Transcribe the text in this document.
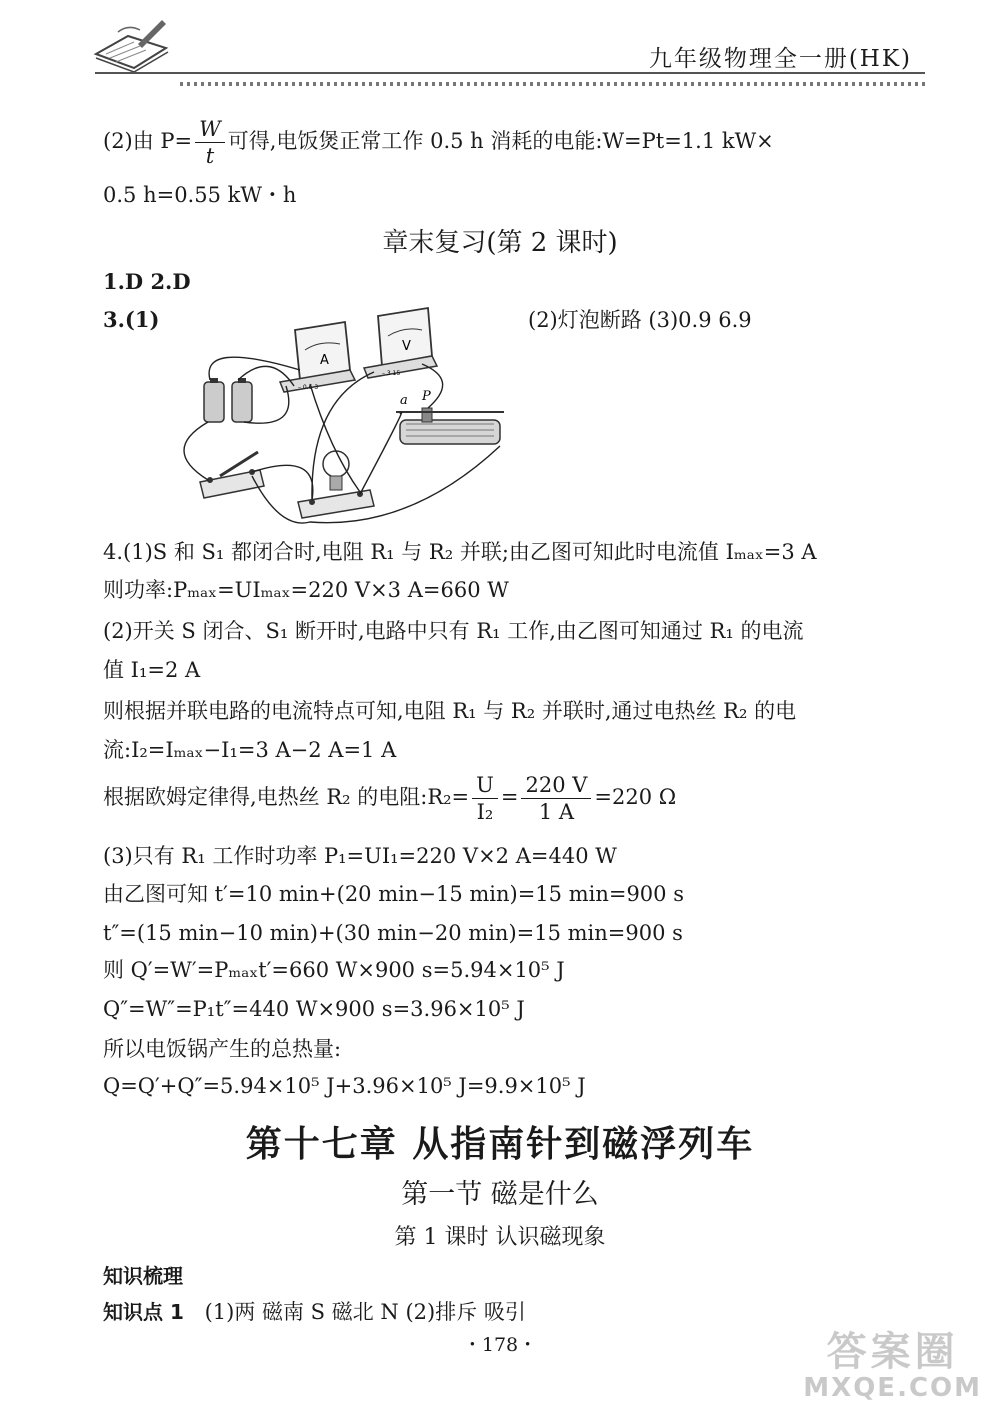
九年级物理全一册(HK)
(2)由 $P= \frac{W}{t}$ 可得,电饭煲正常工作 0.5 h 消耗的电能:W=Pt=1.1 kW×
0.5 h=0.55 kW・h
章末复习(第 2 课时)
1.D 2.D
3.(1)	(2)灯泡断路 (3)0.9 6.9
A
– 0.6 3
V
– 3 15
a P
4.(1)S 和 S₁ 都闭合时,电阻 R₁ 与 R₂ 并联;由乙图可知此时电流值 Iₘₐₓ=3 A
则功率:Pₘₐₓ=UIₘₐₓ=220 V×3 A=660 W
(2)开关 S 闭合、S₁ 断开时,电路中只有 R₁ 工作,由乙图可知通过 R₁ 的电流
值 I₁=2 A
则根据并联电路的电流特点可知,电阻 R₁ 与 R₂ 并联时,通过电热丝 R₂ 的电
流:I₂=Iₘₐₓ−I₁=3 A−2 A=1 A
根据欧姆定律得,电热丝 R₂ 的电阻:R₂= $\frac{U}{\text{I₂}} = \frac{220 V}{1 A} =220$ Ω
(3)只有 R₁ 工作时功率 P₁=UI₁=220 V×2 A=440 W
由乙图可知 t′=10 min+(20 min−15 min)=15 min=900 s
t″=(15 min−10 min)+(30 min−20 min)=15 min=900 s
则 Q′=W′=Pₘₐₓt′=660 W×900 s=5.94×10⁵ J
Q″=W″=P₁t″=440 W×900 s=3.96×10⁵ J
所以电饭锅产生的总热量:
Q=Q′+Q″=5.94×10⁵ J+3.96×10⁵ J=9.9×10⁵ J
第十七章 从指南针到磁浮列车
第一节 磁是什么
第 1 课时 认识磁现象
知识梳理
知识点 1 (1)两 磁南 S 磁北 N (2)排斥 吸引
・178・	答案圈
MXQE.COM
